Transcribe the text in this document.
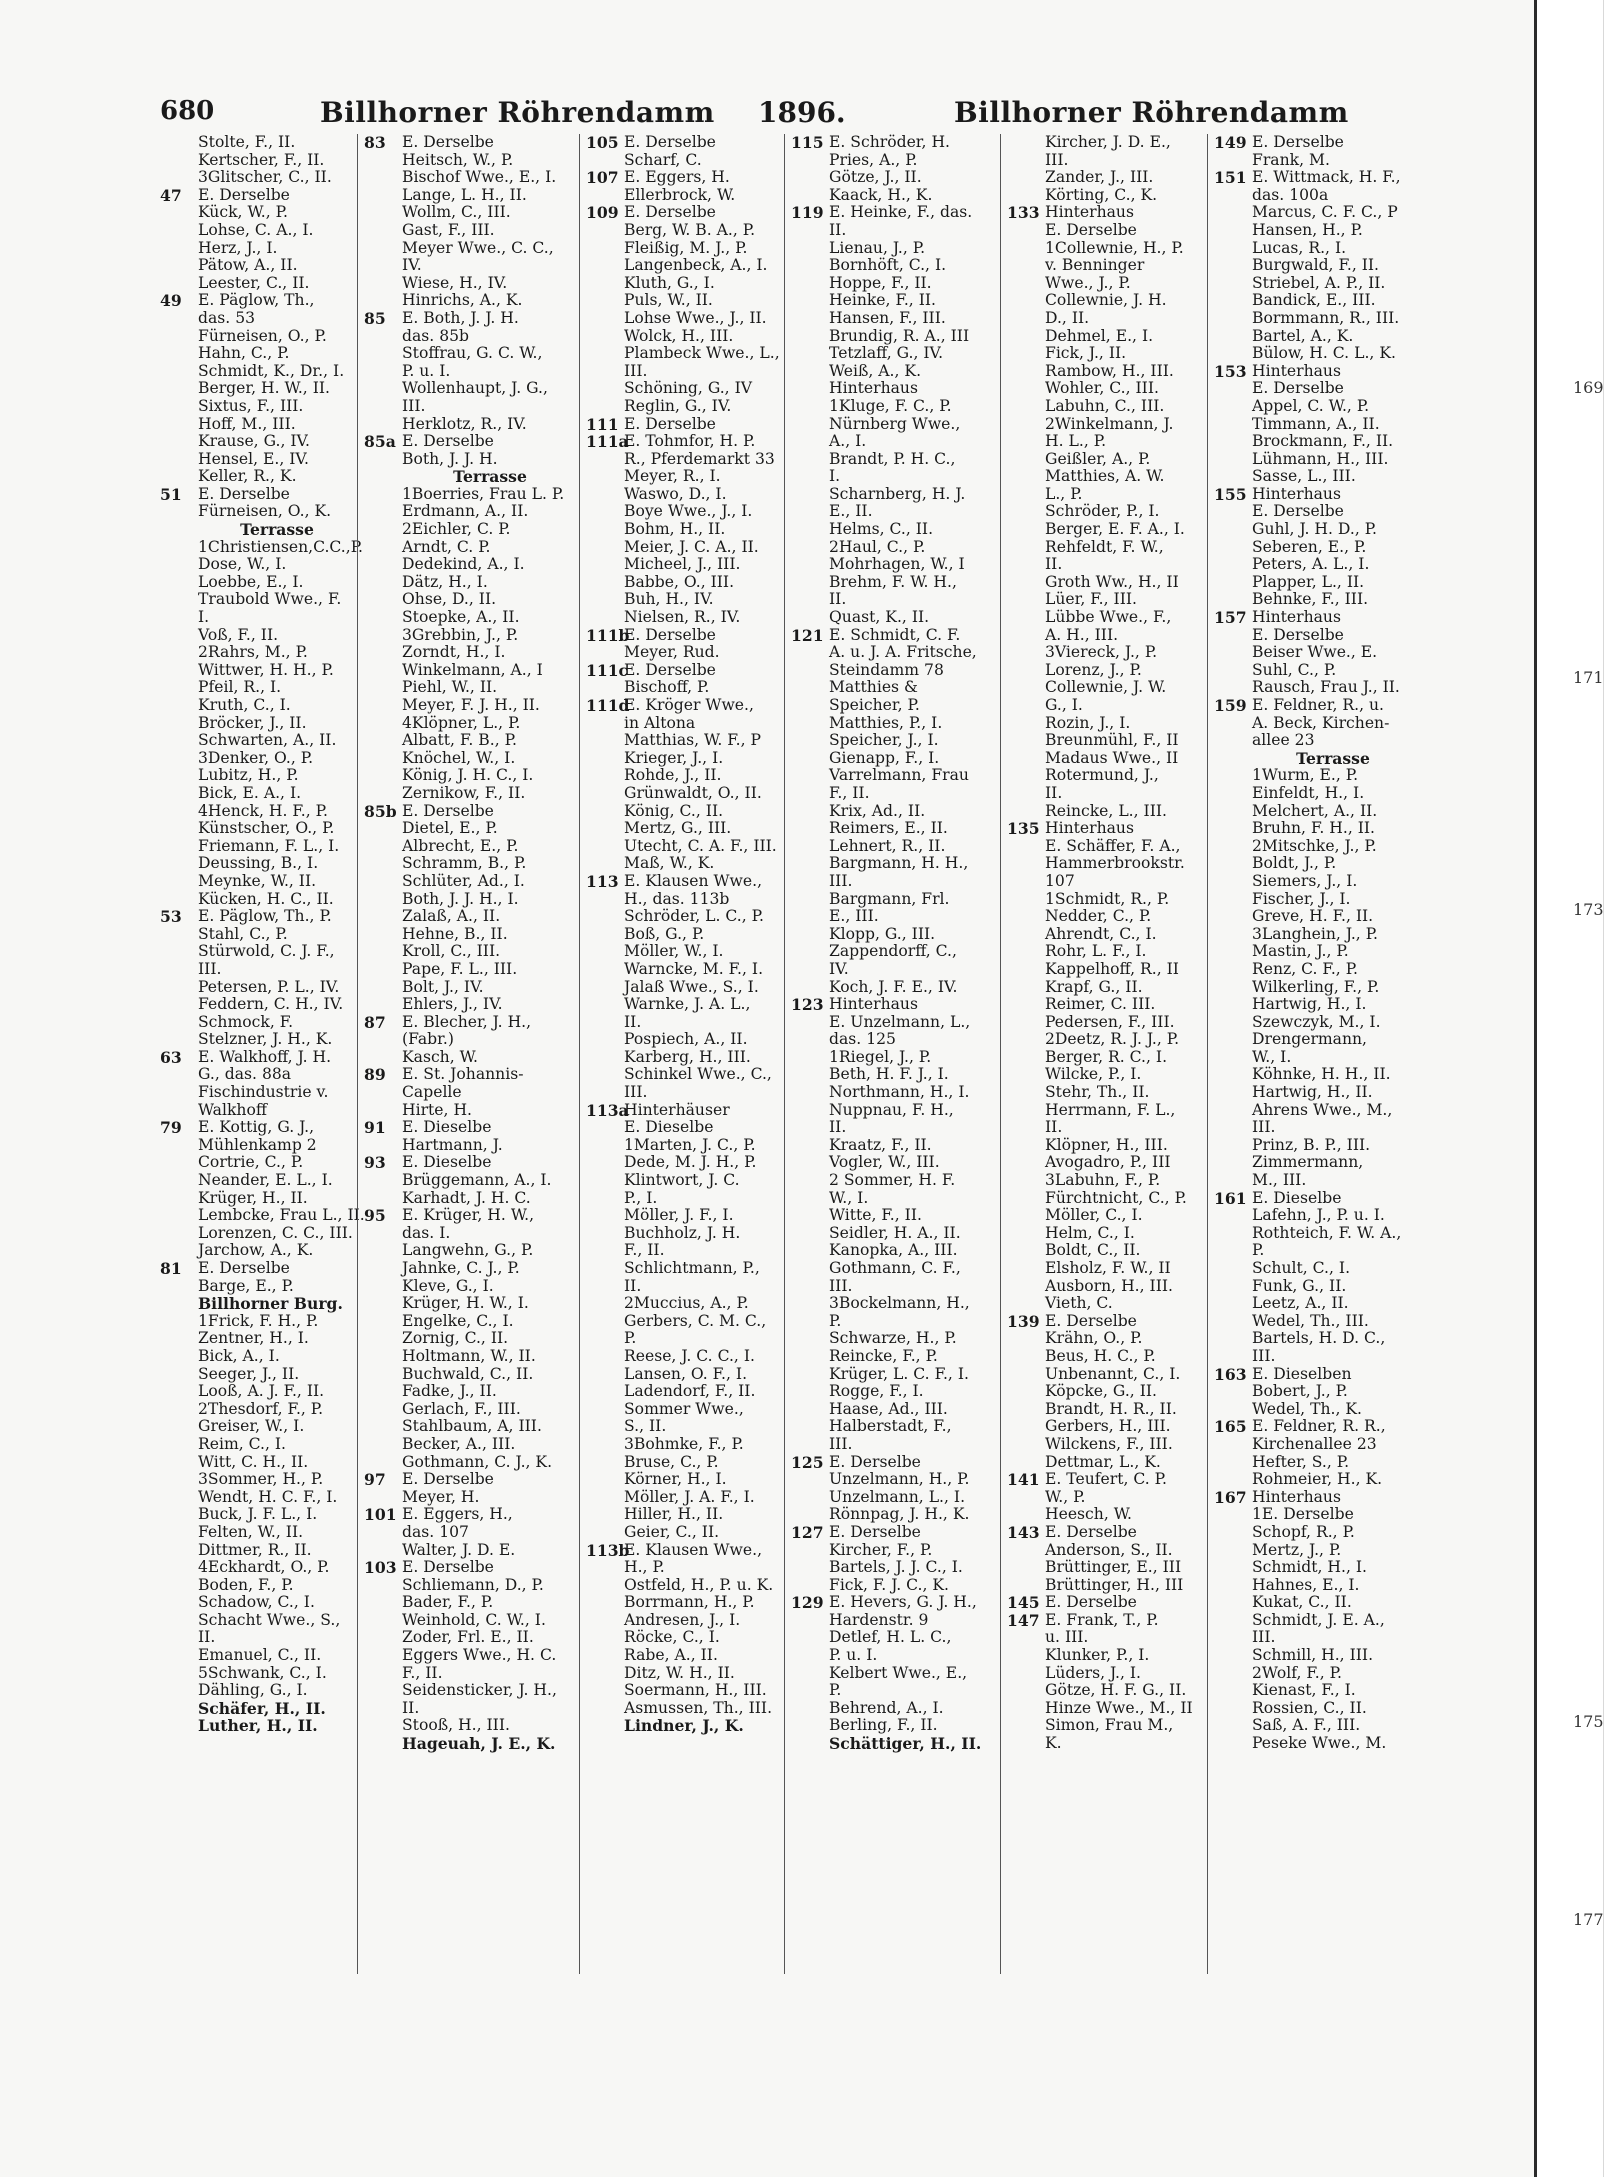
680	Billhorner Röhrendamm 1896.	Billhorner Röhrendamm
Stolte, F., II.
Kertscher, F., II.
3Glitscher, C., II.
47	E. Derselbe
Kück, W., P.
Lohse, C. A., I.
Herz, J., I.
Pätow, A., II.
Leester, C., II.
49	E. Päglow, Th.,
das. 53
Fürneisen, O., P.
Hahn, C., P.
Schmidt, K., Dr., I.
Berger, H. W., II.
Sixtus, F., III.
Hoff, M., III.
Krause, G., IV.
Hensel, E., IV.
Keller, R., K.
51	E. Derselbe
Fürneisen, O., K.
Terrasse
1Christiensen,C.C.,P.
Dose, W., I.
Loebbe, E., I.
Traubold Wwe., F.
I.
Voß, F., II.
2Rahrs, M., P.
Wittwer, H. H., P.
Pfeil, R., I.
Kruth, C., I.
Bröcker, J., II.
Schwarten, A., II.
3Denker, O., P.
Lubitz, H., P.
Bick, E. A., I.
4Henck, H. F., P.
Künstscher, O., P.
Friemann, F. L., I.
Deussing, B., I.
Meynke, W., II.
Kücken, H. C., II.
53	E. Päglow, Th., P.
Stahl, C., P.
Stürwold, C. J. F.,
III.
Petersen, P. L., IV.
Feddern, C. H., IV.
Schmock, F.
Stelzner, J. H., K.
63	E. Walkhoff, J. H.
G., das. 88a
Fischindustrie v.
Walkhoff
79	E. Kottig, G. J.,
Mühlenkamp 2
Cortrie, C., P.
Neander, E. L., I.
Krüger, H., II.
Lembcke, Frau L., II.
Lorenzen, C. C., III.
Jarchow, A., K.
81	E. Derselbe
Barge, E., P.
Billhorner Burg.
1Frick, F. H., P.
Zentner, H., I.
Bick, A., I.
Seeger, J., II.
Looß, A. J. F., II.
2Thesdorf, F., P.
Greiser, W., I.
Reim, C., I.
Witt, C. H., II.
3Sommer, H., P.
Wendt, H. C. F., I.
Buck, J. F. L., I.
Felten, W., II.
Dittmer, R., II.
4Eckhardt, O., P.
Boden, F., P.
Schadow, C., I.
Schacht Wwe., S.,
II.
Emanuel, C., II.
5Schwank, C., I.
Dähling, G., I.
Schäfer, H., II.
Luther, H., II.
83	E. Derselbe
Heitsch, W., P.
Bischof Wwe., E., I.
Lange, L. H., II.
Wollm, C., III.
Gast, F., III.
Meyer Wwe., C. C.,
IV.
Wiese, H., IV.
Hinrichs, A., K.
85	E. Both, J. J. H.
das. 85b
Stoffrau, G. C. W.,
P. u. I.
Wollenhaupt, J. G.,
III.
Herklotz, R., IV.
85a E. Derselbe
Both, J. J. H.
Terrasse
1Boerries, Frau L. P.
Erdmann, A., II.
2Eichler, C. P.
Arndt, C. P.
Dedekind, A., I.
Dätz, H., I.
Ohse, D., II.
Stoepke, A., II.
3Grebbin, J., P.
Zorndt, H., I.
Winkelmann, A., I
Piehl, W., II.
Meyer, F. J. H., II.
4Klöpner, L., P.
Albatt, F. B., P.
Knöchel, W., I.
König, J. H. C., I.
Zernikow, F., II.
85b E. Derselbe
Dietel, E., P.
Albrecht, E., P.
Schramm, B., P.
Schlüter, Ad., I.
Both, J. J. H., I.
Zalaß, A., II.
Hehne, B., II.
Kroll, C., III.
Pape, F. L., III.
Bolt, J., IV.
Ehlers, J., IV.
87	E. Blecher, J. H.,
(Fabr.)
Kasch, W.
89	E. St. Johannis-
Capelle
Hirte, H.
91	E. Dieselbe
Hartmann, J.
93	E. Dieselbe
Brüggemann, A., I.
Karhadt, J. H. C.
95	E. Krüger, H. W.,
das. I.
Langwehn, G., P.
Jahnke, C. J., P.
Kleve, G., I.
Krüger, H. W., I.
Engelke, C., I.
Zornig, C., II.
Holtmann, W., II.
Buchwald, C., II.
Fadke, J., II.
Gerlach, F., III.
Stahlbaum, A, III.
Becker, A., III.
Gothmann, C. J., K.
97	E. Derselbe
Meyer, H.
101 E. Eggers, H.,
das. 107
Walter, J. D. E.
103 E. Derselbe
Schliemann, D., P.
Bader, F., P.
Weinhold, C. W., I.
Zoder, Frl. E., II.
Eggers Wwe., H. C.
F., II.
Seidensticker, J. H.,
II.
Stooß, H., III.
Hageuah, J. E., K.
105 E. Derselbe
Scharf, C.
107 E. Eggers, H.
Ellerbrock, W.
109 E. Derselbe
Berg, W. B. A., P.
Fleißig, M. J., P.
Langenbeck, A., I.
Kluth, G., I.
Puls, W., II.
Lohse Wwe., J., II.
Wolck, H., III.
Plambeck Wwe., L.,
III.
Schöning, G., IV
Reglin, G., IV.
111 E. Derselbe
111a
E. Tohmfor, H. P.
R., Pferdemarkt 33
Meyer, R., I.
Waswo, D., I.
Boye Wwe., J., I.
Bohm, H., II.
Meier, J. C. A., II.
Micheel, J., III.
Babbe, O., III.
Buh, H., IV.
Nielsen, R., IV.
111b
E. Derselbe
Meyer, Rud.
111c
E. Derselbe
Bischoff, P.
111d
E. Kröger Wwe.,
in Altona
Matthias, W. F., P
Krieger, J., I.
Rohde, J., II.
Grünwaldt, O., II.
König, C., II.
Mertz, G., III.
Utecht, C. A. F., III.
Maß, W., K.
113 E. Klausen Wwe.,
H., das. 113b
Schröder, L. C., P.
Boß, G., P.
Möller, W., I.
Warncke, M. F., I.
Jalaß Wwe., S., I.
Warnke, J. A. L.,
II.
Pospiech, A., II.
Karberg, H., III.
Schinkel Wwe., C.,
III.
113a
Hinterhäuser
E. Dieselbe
1Marten, J. C., P.
Dede, M. J. H., P.
Klintwort, J. C.
P., I.
Möller, J. F., I.
Buchholz, J. H.
F., II.
Schlichtmann, P.,
II.
2Muccius, A., P.
Gerbers, C. M. C.,
P.
Reese, J. C. C., I.
Lansen, O. F., I.
Ladendorf, F., II.
Sommer Wwe.,
S., II.
3Bohmke, F., P.
Bruse, C., P.
Körner, H., I.
Möller, J. A. F., I.
Hiller, H., II.
Geier, C., II.
113b
E. Klausen Wwe.,
H., P.
Ostfeld, H., P. u. K.
Borrmann, H., P.
Andresen, J., I.
Röcke, C., I.
Rabe, A., II.
Ditz, W. H., II.
Soermann, H., III.
Asmussen, Th., III.
Lindner, J., K.
115 E. Schröder, H.
Pries, A., P.
Götze, J., II.
Kaack, H., K.
119 E. Heinke, F., das.
II.
Lienau, J., P.
Bornhöft, C., I.
Hoppe, F., II.
Heinke, F., II.
Hansen, F., III.
Brundig, R. A., III
Tetzlaff, G., IV.
Weiß, A., K.
Hinterhaus
1Kluge, F. C., P.
Nürnberg Wwe.,
A., I.
Brandt, P. H. C.,
I.
Scharnberg, H. J.
E., II.
Helms, C., II.
2Haul, C., P.
Mohrhagen, W., I
Brehm, F. W. H.,
II.
Quast, K., II.
121 E. Schmidt, C. F.
A. u. J. A. Fritsche,
Steindamm 78
Matthies &
Speicher, P.
Matthies, P., I.
Speicher, J., I.
Gienapp, F., I.
Varrelmann, Frau
F., II.
Krix, Ad., II.
Reimers, E., II.
Lehnert, R., II.
Bargmann, H. H.,
III.
Bargmann, Frl.
E., III.
Klopp, G., III.
Zappendorff, C.,
IV.
Koch, J. F. E., IV.
123 Hinterhaus
E. Unzelmann, L.,
das. 125
1Riegel, J., P.
Beth, H. F. J., I.
Northmann, H., I.
Nuppnau, F. H.,
II.
Kraatz, F., II.
Vogler, W., III.
2 Sommer, H. F.
W., I.
Witte, F., II.
Seidler, H. A., II.
Kanopka, A., III.
Gothmann, C. F.,
III.
3Bockelmann, H.,
P.
Schwarze, H., P.
Reincke, F., P.
Krüger, L. C. F., I.
Rogge, F., I.
Haase, Ad., III.
Halberstadt, F.,
III.
125 E. Derselbe
Unzelmann, H., P.
Unzelmann, L., I.
Rönnpag, J. H., K.
127 E. Derselbe
Kircher, F., P.
Bartels, J. J. C., I.
Fick, F. J. C., K.
129 E. Hevers, G. J. H.,
Hardenstr. 9
Detlef, H. L. C.,
P. u. I.
Kelbert Wwe., E.,
P.
Behrend, A., I.
Berling, F., II.
Schättiger, H., II.
Kircher, J. D. E.,
III.
Zander, J., III.
Körting, C., K.
133 Hinterhaus
E. Derselbe
1Collewnie, H., P.
v. Benninger
Wwe., J., P.
Collewnie, J. H.
D., II.
Dehmel, E., I.
Fick, J., II.
Rambow, H., III.
Wohler, C., III.
Labuhn, C., III.
2Winkelmann, J.
H. L., P.
Geißler, A., P.
Matthies, A. W.
L., P.
Schröder, P., I.
Berger, E. F. A., I.
Rehfeldt, F. W.,
II.
Groth Ww., H., II
Lüer, F., III.
Lübbe Wwe., F.,
A. H., III.
3Viereck, J., P.
Lorenz, J., P.
Collewnie, J. W.
G., I.
Rozin, J., I.
Breunmühl, F., II
Madaus Wwe., II
Rotermund, J.,
II.
Reincke, L., III.
135 Hinterhaus
E. Schäffer, F. A.,
Hammerbrookstr.
107
1Schmidt, R., P.
Nedder, C., P.
Ahrendt, C., I.
Rohr, L. F., I.
Kappelhoff, R., II
Krapf, G., II.
Reimer, C. III.
Pedersen, F., III.
2Deetz, R. J. J., P.
Berger, R. C., I.
Wilcke, P., I.
Stehr, Th., II.
Herrmann, F. L.,
II.
Klöpner, H., III.
Avogadro, P., III
3Labuhn, F., P.
Fürchtnicht, C., P.
Möller, C., I.
Helm, C., I.
Boldt, C., II.
Elsholz, F. W., II
Ausborn, H., III.
Vieth, C.
139 E. Derselbe
Krähn, O., P.
Beus, H. C., P.
Unbenannt, C., I.
Köpcke, G., II.
Brandt, H. R., II.
Gerbers, H., III.
Wilckens, F., III.
Dettmar, L., K.
141 E. Teufert, C. P.
W., P.
Heesch, W.
143 E. Derselbe
Anderson, S., II.
Brüttinger, E., III
Brüttinger, H., III
145 E. Derselbe
147 E. Frank, T., P.
u. III.
Klunker, P., I.
Lüders, J., I.
Götze, H. F. G., II.
Hinze Wwe., M., II
Simon, Frau M.,
K.
149 E. Derselbe
Frank, M.
151 E. Wittmack, H. F.,
das. 100a
Marcus, C. F. C., P
Hansen, H., P.
Lucas, R., I.
Burgwald, F., II.
Striebel, A. P., II.
Bandick, E., III.
Bormmann, R., III.
Bartel, A., K.
Bülow, H. C. L., K.
153 Hinterhaus
E. Derselbe
Appel, C. W., P.
Timmann, A., II.
Brockmann, F., II.
Lühmann, H., III.
Sasse, L., III.
155 Hinterhaus
E. Derselbe
Guhl, J. H. D., P.
Seberen, E., P.
Peters, A. L., I.
Plapper, L., II.
Behnke, F., III.
157 Hinterhaus
E. Derselbe
Beiser Wwe., E.
Suhl, C., P.
Rausch, Frau J., II.
159 E. Feldner, R., u.
A. Beck, Kirchen-
allee 23
Terrasse
1Wurm, E., P.
Einfeldt, H., I.
Melchert, A., II.
Bruhn, F. H., II.
2Mitschke, J., P.
Boldt, J., P.
Siemers, J., I.
Fischer, J., I.
Greve, H. F., II.
3Langhein, J., P.
Mastin, J., P.
Renz, C. F., P.
Wilkerling, F., P.
Hartwig, H., I.
Szewczyk, M., I.
Drengermann,
W., I.
Köhnke, H. H., II.
Hartwig, H., II.
Ahrens Wwe., M.,
III.
Prinz, B. P., III.
Zimmermann,
M., III.
161 E. Dieselbe
Lafehn, J., P. u. I.
Rothteich, F. W. A.,
P.
Schult, C., I.
Funk, G., II.
Leetz, A., II.
Wedel, Th., III.
Bartels, H. D. C.,
III.
163 E. Dieselben
Bobert, J., P.
Wedel, Th., K.
165 E. Feldner, R. R.,
Kirchenallee 23
Hefter, S., P.
Rohmeier, H., K.
167 Hinterhaus
1E. Derselbe
Schopf, R., P.
Mertz, J., P.
Schmidt, H., I.
Hahnes, E., I.
Kukat, C., II.
Schmidt, J. E. A.,
III.
Schmill, H., III.
2Wolf, F., P.
Kienast, F., I.
Rossien, C., II.
Saß, A. F., III.
Peseke Wwe., M.
169
171
173
175
177
